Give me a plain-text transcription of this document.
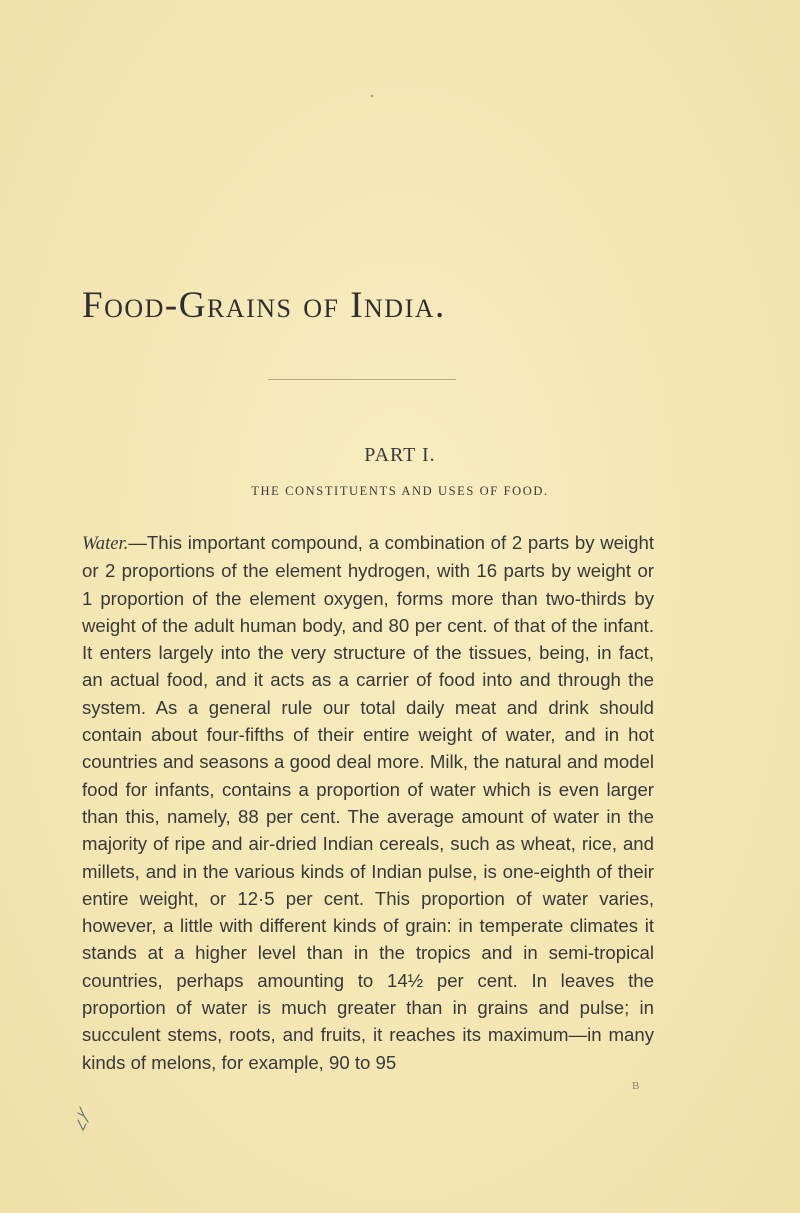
•
Food-Grains of India.
PART I.
THE CONSTITUENTS AND USES OF FOOD.

Water.—This important compound, a combination of 2 parts by weight or 2 proportions of the element hydrogen, with 16 parts by weight or 1 proportion of the element oxygen, forms more than two-thirds by weight of the adult human body, and 80 per cent. of that of the infant. It enters largely into the very structure of the tissues, being, in fact, an actual food, and it acts as a carrier of food into and through the system. As a general rule our total daily meat and drink should contain about four-fifths of their entire weight of water, and in hot countries and seasons a good deal more. Milk, the natural and model food for infants, contains a proportion of water which is even larger than this, namely, 88 per cent. The average amount of water in the majority of ripe and air-dried Indian cereals, such as wheat, rice, and millets, and in the various kinds of Indian pulse, is one-eighth of their entire weight, or 12·5 per cent. This proportion of water varies, however, a little with different kinds of grain: in temperate climates it stands at a higher level than in the tropics and in semi-tropical countries, perhaps amounting to 14½ per cent. In leaves the proportion of water is much greater than in grains and pulse; in succulent stems, roots, and fruits, it reaches its maximum—in many kinds of melons, for example, 90 to 95

B
